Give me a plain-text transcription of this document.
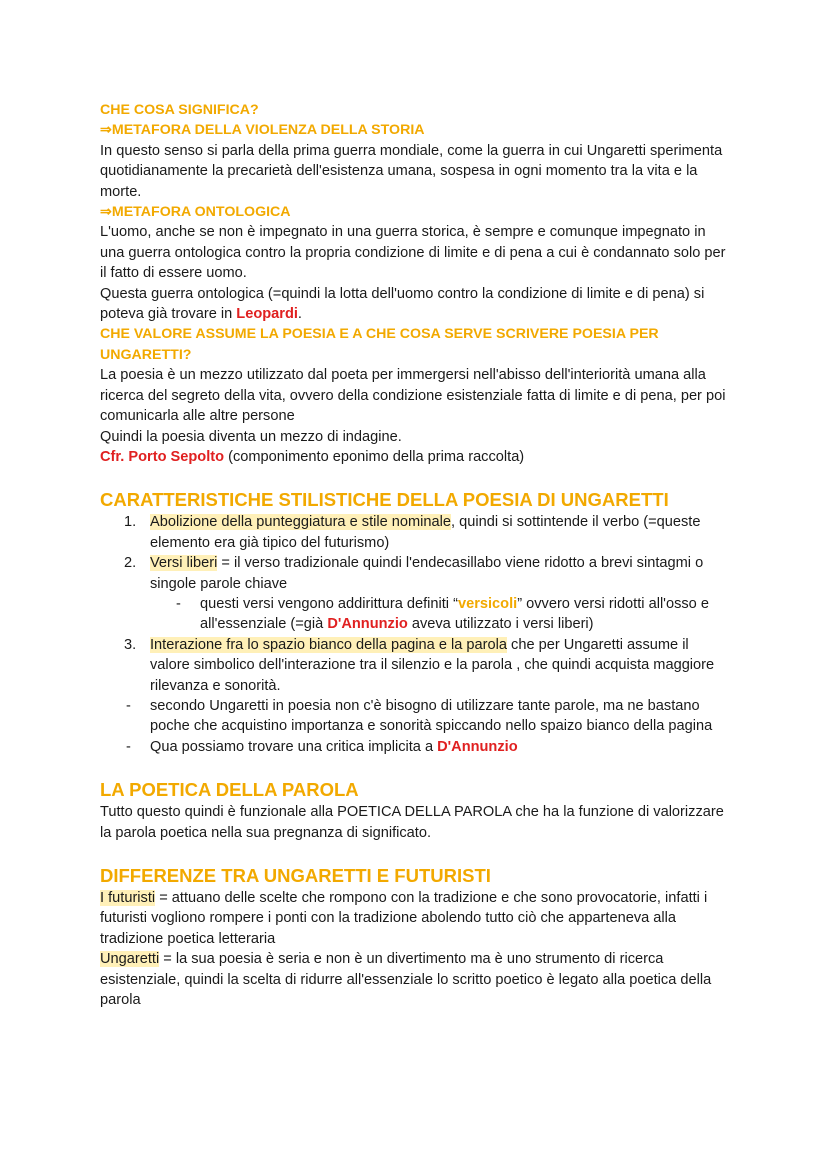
CHE COSA SIGNIFICA?

⇒METAFORA DELLA VIOLENZA DELLA STORIA

In questo senso si parla della prima guerra mondiale, come la guerra in cui Ungaretti sperimenta quotidianamente la precarietà dell'esistenza umana, sospesa in ogni momento tra la vita e la morte.

⇒METAFORA ONTOLOGICA

L'uomo, anche se non è impegnato in una guerra storica, è sempre e comunque impegnato in una guerra ontologica contro la propria condizione di limite e di pena a cui è condannato solo per il fatto di essere uomo.

Questa guerra ontologica (=quindi la lotta dell'uomo contro la condizione di limite e di pena) si poteva già trovare in Leopardi.

CHE VALORE ASSUME LA POESIA E A CHE COSA SERVE SCRIVERE POESIA PER UNGARETTI?

La poesia è un mezzo utilizzato dal poeta per immergersi nell'abisso dell'interiorità umana alla ricerca del segreto della vita, ovvero della condizione esistenziale fatta di limite e di pena, per poi comunicarla alle altre persone

Quindi la poesia diventa un mezzo di indagine.

Cfr. Porto Sepolto (componimento eponimo della prima raccolta)

CARATTERISTICHE STILISTICHE DELLA POESIA DI UNGARETTI

1. Abolizione della punteggiatura e stile nominale, quindi si sottintende il verbo (=queste elemento era già tipico del futurismo)
2. Versi liberi = il verso tradizionale quindi l'endecasillabo viene ridotto a brevi sintagmi o singole parole chiave
- questi versi vengono addirittura definiti “versicoli” ovvero versi ridotti all'osso e all'essenziale (=già D'Annunzio aveva utilizzato i versi liberi)
3. Interazione fra lo spazio bianco della pagina e la parola che per Ungaretti assume il valore simbolico dell'interazione tra il silenzio e la parola , che quindi acquista maggiore rilevanza e sonorità.
- secondo Ungaretti in poesia non c'è bisogno di utilizzare tante parole, ma ne bastano poche che acquistino importanza e sonorità spiccando nello spaizo bianco della pagina
- Qua possiamo trovare una critica implicita a D'Annunzio

LA POETICA DELLA PAROLA

Tutto questo quindi è funzionale alla POETICA DELLA PAROLA che ha la funzione di valorizzare la parola poetica nella sua pregnanza di significato.

DIFFERENZE TRA UNGARETTI E FUTURISTI

I futuristi = attuano delle scelte che rompono con la tradizione e che sono provocatorie, infatti i futuristi vogliono rompere i ponti con la tradizione abolendo tutto ciò che apparteneva alla tradizione poetica letteraria

Ungaretti = la sua poesia è seria e non è un divertimento ma è uno strumento di ricerca esistenziale, quindi la scelta di ridurre all'essenziale lo scritto poetico è legato alla poetica della parola
